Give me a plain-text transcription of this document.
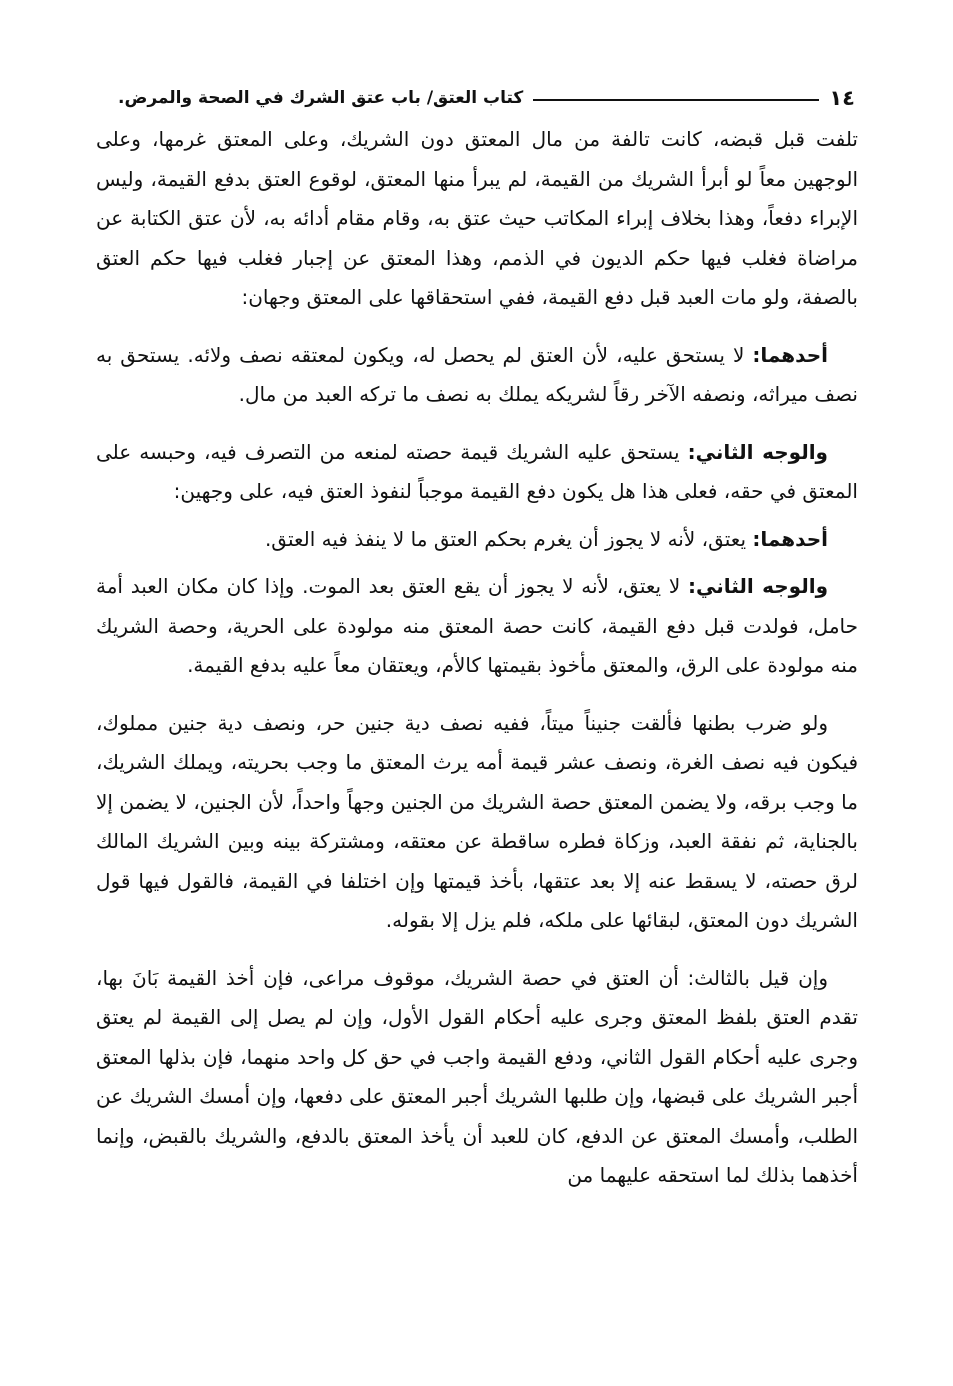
١٤
كتاب العتق/ باب عتق الشرك في الصحة والمرض.

تلفت قبل قبضه، كانت تالفة من مال المعتق دون الشريك، وعلى المعتق غرمها، وعلى الوجهين معاً لو أبرأ الشريك من القيمة، لم يبرأ منها المعتق، لوقوع العتق بدفع القيمة، وليس الإبراء دفعاً، وهذا بخلاف إبراء المكاتب حيث عتق به، وقام مقام أدائه به، لأن عتق الكتابة عن مراضاة فغلب فيها حكم الديون في الذمم، وهذا المعتق عن إجبار فغلب فيها حكم العتق بالصفة، ولو مات العبد قبل دفع القيمة، ففي استحقاقها على المعتق وجهان:

أحدهما: لا يستحق عليه، لأن العتق لم يحصل له، ويكون لمعتقه نصف ولائه. يستحق به نصف ميراثه، ونصفه الآخر رقاً لشريكه يملك به نصف ما تركه العبد من مال.

والوجه الثاني: يستحق عليه الشريك قيمة حصته لمنعه من التصرف فيه، وحبسه على المعتق في حقه، فعلى هذا هل يكون دفع القيمة موجباً لنفوذ العتق فيه، على وجهين:

أحدهما: يعتق، لأنه لا يجوز أن يغرم بحكم العتق ما لا ينفذ فيه العتق.

والوجه الثاني: لا يعتق، لأنه لا يجوز أن يقع العتق بعد الموت. وإذا كان مكان العبد أمة حامل، فولدت قبل دفع القيمة، كانت حصة المعتق منه مولودة على الحرية، وحصة الشريك منه مولودة على الرق، والمعتق مأخوذ بقيمتها كالأم، ويعتقان معاً عليه بدفع القيمة.

ولو ضرب بطنها فألقت جنيناً ميتاً، ففيه نصف دية جنين حر، ونصف دية جنين مملوك، فيكون فيه نصف الغرة، ونصف عشر قيمة أمه يرث المعتق ما وجب بحريته، ويملك الشريك، ما وجب برقه، ولا يضمن المعتق حصة الشريك من الجنين وجهاً واحداً، لأن الجنين، لا يضمن إلا بالجناية، ثم نفقة العبد، وزكاة فطره ساقطة عن معتقه، ومشتركة بينه وبين الشريك المالك لرق حصته، لا يسقط عنه إلا بعد عتقها، بأخذ قيمتها وإن اختلفا في القيمة، فالقول فيها قول الشريك دون المعتق، لبقائها على ملكه، فلم يزل إلا بقوله.

وإن قيل بالثالث: أن العتق في حصة الشريك، موقوف مراعى، فإن أخذ القيمة بَانَ بها، تقدم العتق بلفظ المعتق وجرى عليه أحكام القول الأول، وإن لم يصل إلى القيمة لم يعتق وجرى عليه أحكام القول الثاني، ودفع القيمة واجب في حق كل واحد منهما، فإن بذلها المعتق أجبر الشريك على قبضها، وإن طلبها الشريك أجبر المعتق على دفعها، وإن أمسك الشريك عن الطلب، وأمسك المعتق عن الدفع، كان للعبد أن يأخذ المعتق بالدفع، والشريك بالقبض، وإنما أخذهما بذلك لما استحقه عليهما من
